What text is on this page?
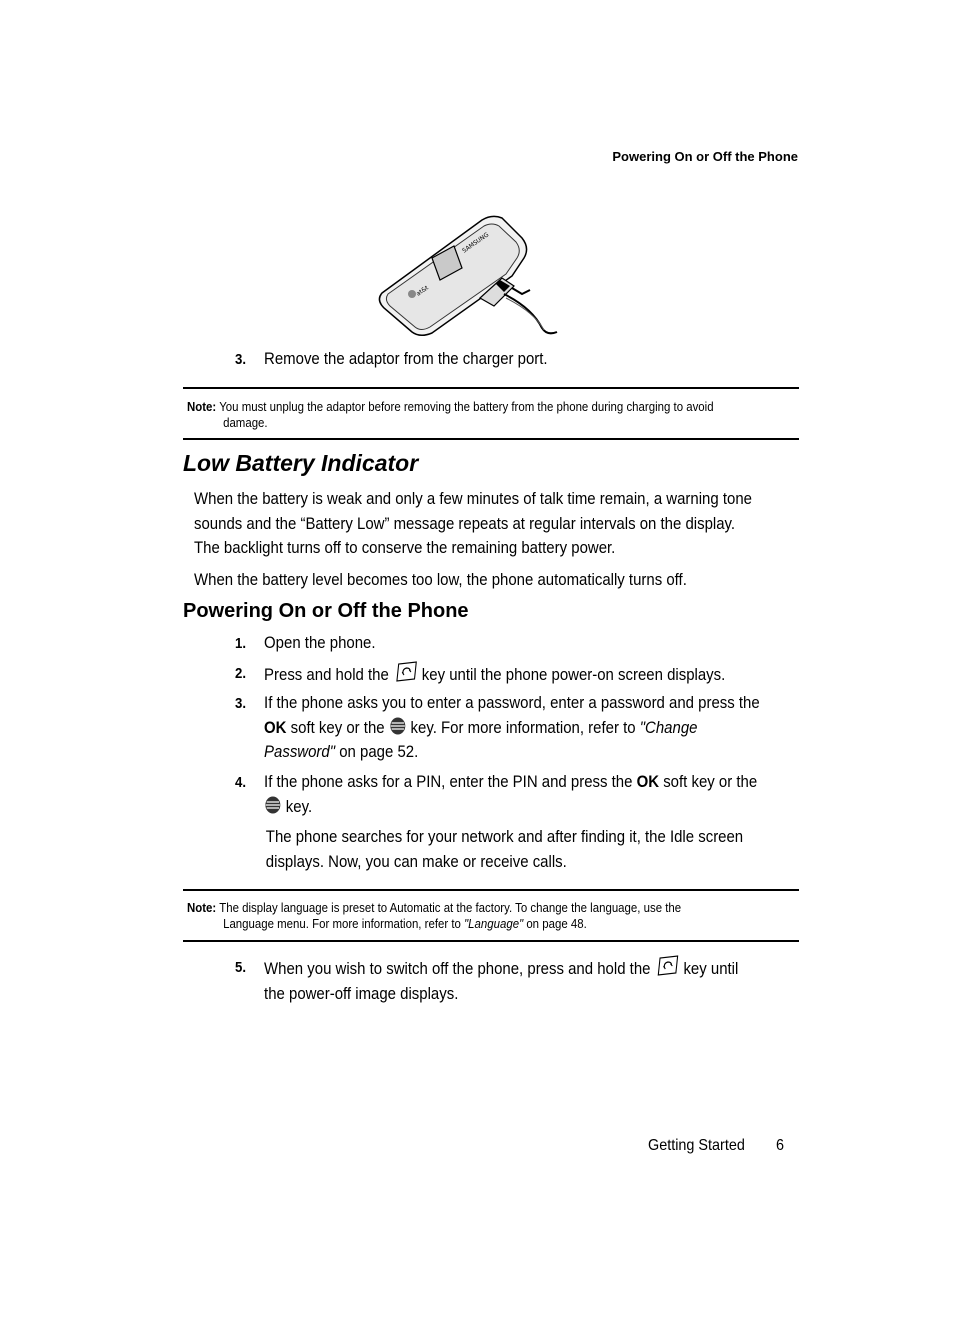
Powering On or Off the Phone
SAMSUNG
at&t
3. Remove the adaptor from the charger port.
Note: You must unplug the adaptor before removing the battery from the phone during charging to avoid
damage.
Low Battery Indicator
When the battery is weak and only a few minutes of talk time remain, a warning tone
sounds and the “Battery Low” message repeats at regular intervals on the display.
The backlight turns off to conserve the remaining battery power.
When the battery level becomes too low, the phone automatically turns off.
Powering On or Off the Phone
1. Open the phone.
2. Press and hold the key until the phone power-on screen displays.
3. If the phone asks you to enter a password, enter a password and press the
OK soft key or the key. For more information, refer to "Change
Password" on page 52.
4. If the phone asks for a PIN, enter the PIN and press the OK soft key or the
key.
The phone searches for your network and after finding it, the Idle screen
displays. Now, you can make or receive calls.
Note: The display language is preset to Automatic at the factory. To change the language, use the
Language menu. For more information, refer to "Language" on page 48.
5. When you wish to switch off the phone, press and hold the key until
the power-off image displays.
Getting Started 6
